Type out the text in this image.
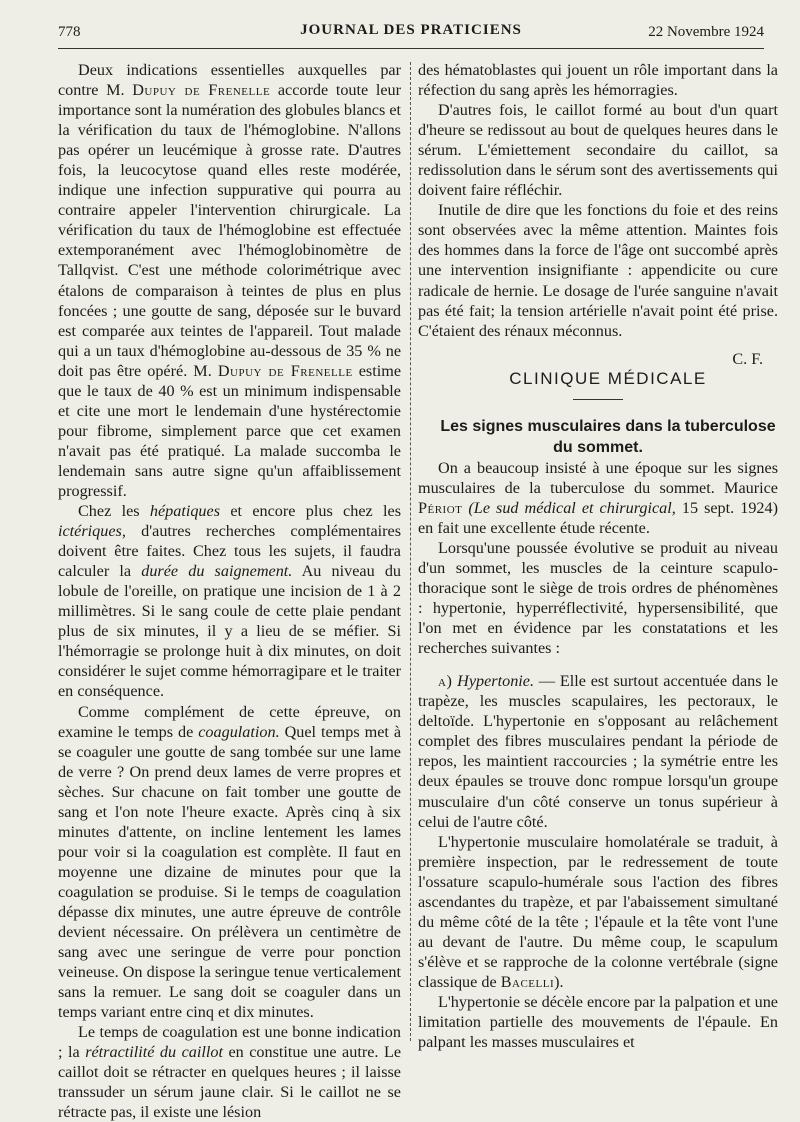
778	JOURNAL DES PRATICIENS	22 Novembre 1924

Deux indications essentielles auxquelles par contre M. Dupuy de Frenelle accorde toute leur importance sont la numération des globules blancs et la vérification du taux de l'hémoglobine. N'allons pas opérer un leucémique à grosse rate. D'autres fois, la leucocytose quand elles reste modérée, indique une infection suppurative qui pourra au contraire appeler l'intervention chirurgicale. La vérification du taux de l'hémoglobine est effectuée extemporanément avec l'hémoglobinomètre de Tallqvist. C'est une méthode colorimétrique avec étalons de comparaison à teintes de plus en plus foncées ; une goutte de sang, déposée sur le buvard est comparée aux teintes de l'appareil. Tout malade qui a un taux d'hémoglobine au-dessous de 35 % ne doit pas être opéré. M. Dupuy de Frenelle estime que le taux de 40 % est un minimum indispensable et cite une mort le lendemain d'une hystérectomie pour fibrome, simplement parce que cet examen n'avait pas été pratiqué. La malade succomba le lendemain sans autre signe qu'un affaiblissement progressif.

Chez les hépatiques et encore plus chez les ictériques, d'autres recherches complémentaires doivent être faites. Chez tous les sujets, il faudra calculer la durée du saignement. Au niveau du lobule de l'oreille, on pratique une incision de 1 à 2 millimètres. Si le sang coule de cette plaie pendant plus de six minutes, il y a lieu de se méfier. Si l'hémorragie se prolonge huit à dix minutes, on doit considérer le sujet comme hémorragipare et le traiter en conséquence.

Comme complément de cette épreuve, on examine le temps de coagulation. Quel temps met à se coaguler une goutte de sang tombée sur une lame de verre ? On prend deux lames de verre propres et sèches. Sur chacune on fait tomber une goutte de sang et l'on note l'heure exacte. Après cinq à six minutes d'attente, on incline lentement les lames pour voir si la coagulation est complète. Il faut en moyenne une dizaine de minutes pour que la coagulation se produise. Si le temps de coagulation dépasse dix minutes, une autre épreuve de contrôle devient nécessaire. On prélèvera un centimètre de sang avec une seringue de verre pour ponction veineuse. On dispose la seringue tenue verticalement sans la remuer. Le sang doit se coaguler dans un temps variant entre cinq et dix minutes.

Le temps de coagulation est une bonne indication ; la rétractilité du caillot en constitue une autre. Le caillot doit se rétracter en quelques heures ; il laisse transsuder un sérum jaune clair. Si le caillot ne se rétracte pas, il existe une lésion

des hématoblastes qui jouent un rôle important dans la réfection du sang après les hémorragies.

D'autres fois, le caillot formé au bout d'un quart d'heure se redissout au bout de quelques heures dans le sérum. L'émiettement secondaire du caillot, sa redissolution dans le sérum sont des avertissements qui doivent faire réfléchir.

Inutile de dire que les fonctions du foie et des reins sont observées avec la même attention. Maintes fois des hommes dans la force de l'âge ont succombé après une intervention insignifiante : appendicite ou cure radicale de hernie. Le dosage de l'urée sanguine n'avait pas été fait; la tension artérielle n'avait point été prise. C'étaient des rénaux méconnus.

C. F.

CLINIQUE MÉDICALE

Les signes musculaires dans la tuberculose
du sommet.

On a beaucoup insisté à une époque sur les signes musculaires de la tuberculose du sommet. Maurice Périot (Le sud médical et chirurgical, 15 sept. 1924) en fait une excellente étude récente.

Lorsqu'une poussée évolutive se produit au niveau d'un sommet, les muscles de la ceinture scapulo-thoracique sont le siège de trois ordres de phénomènes : hypertonie, hyperréflectivité, hypersensibilité, que l'on met en évidence par les constatations et les recherches suivantes :

a) Hypertonie. — Elle est surtout accentuée dans le trapèze, les muscles scapulaires, les pectoraux, le deltoïde. L'hypertonie en s'opposant au relâchement complet des fibres musculaires pendant la période de repos, les maintient raccourcies ; la symétrie entre les deux épaules se trouve donc rompue lorsqu'un groupe musculaire d'un côté conserve un tonus supérieur à celui de l'autre côté.

L'hypertonie musculaire homolatérale se traduit, à première inspection, par le redressement de toute l'ossature scapulo-humérale sous l'action des fibres ascendantes du trapèze, et par l'abaissement simultané du même côté de la tête ; l'épaule et la tête vont l'une au devant de l'autre. Du même coup, le scapulum s'élève et se rapproche de la colonne vertébrale (signe classique de Bacelli).

L'hypertonie se décèle encore par la palpation et une limitation partielle des mouvements de l'épaule. En palpant les masses musculaires et
